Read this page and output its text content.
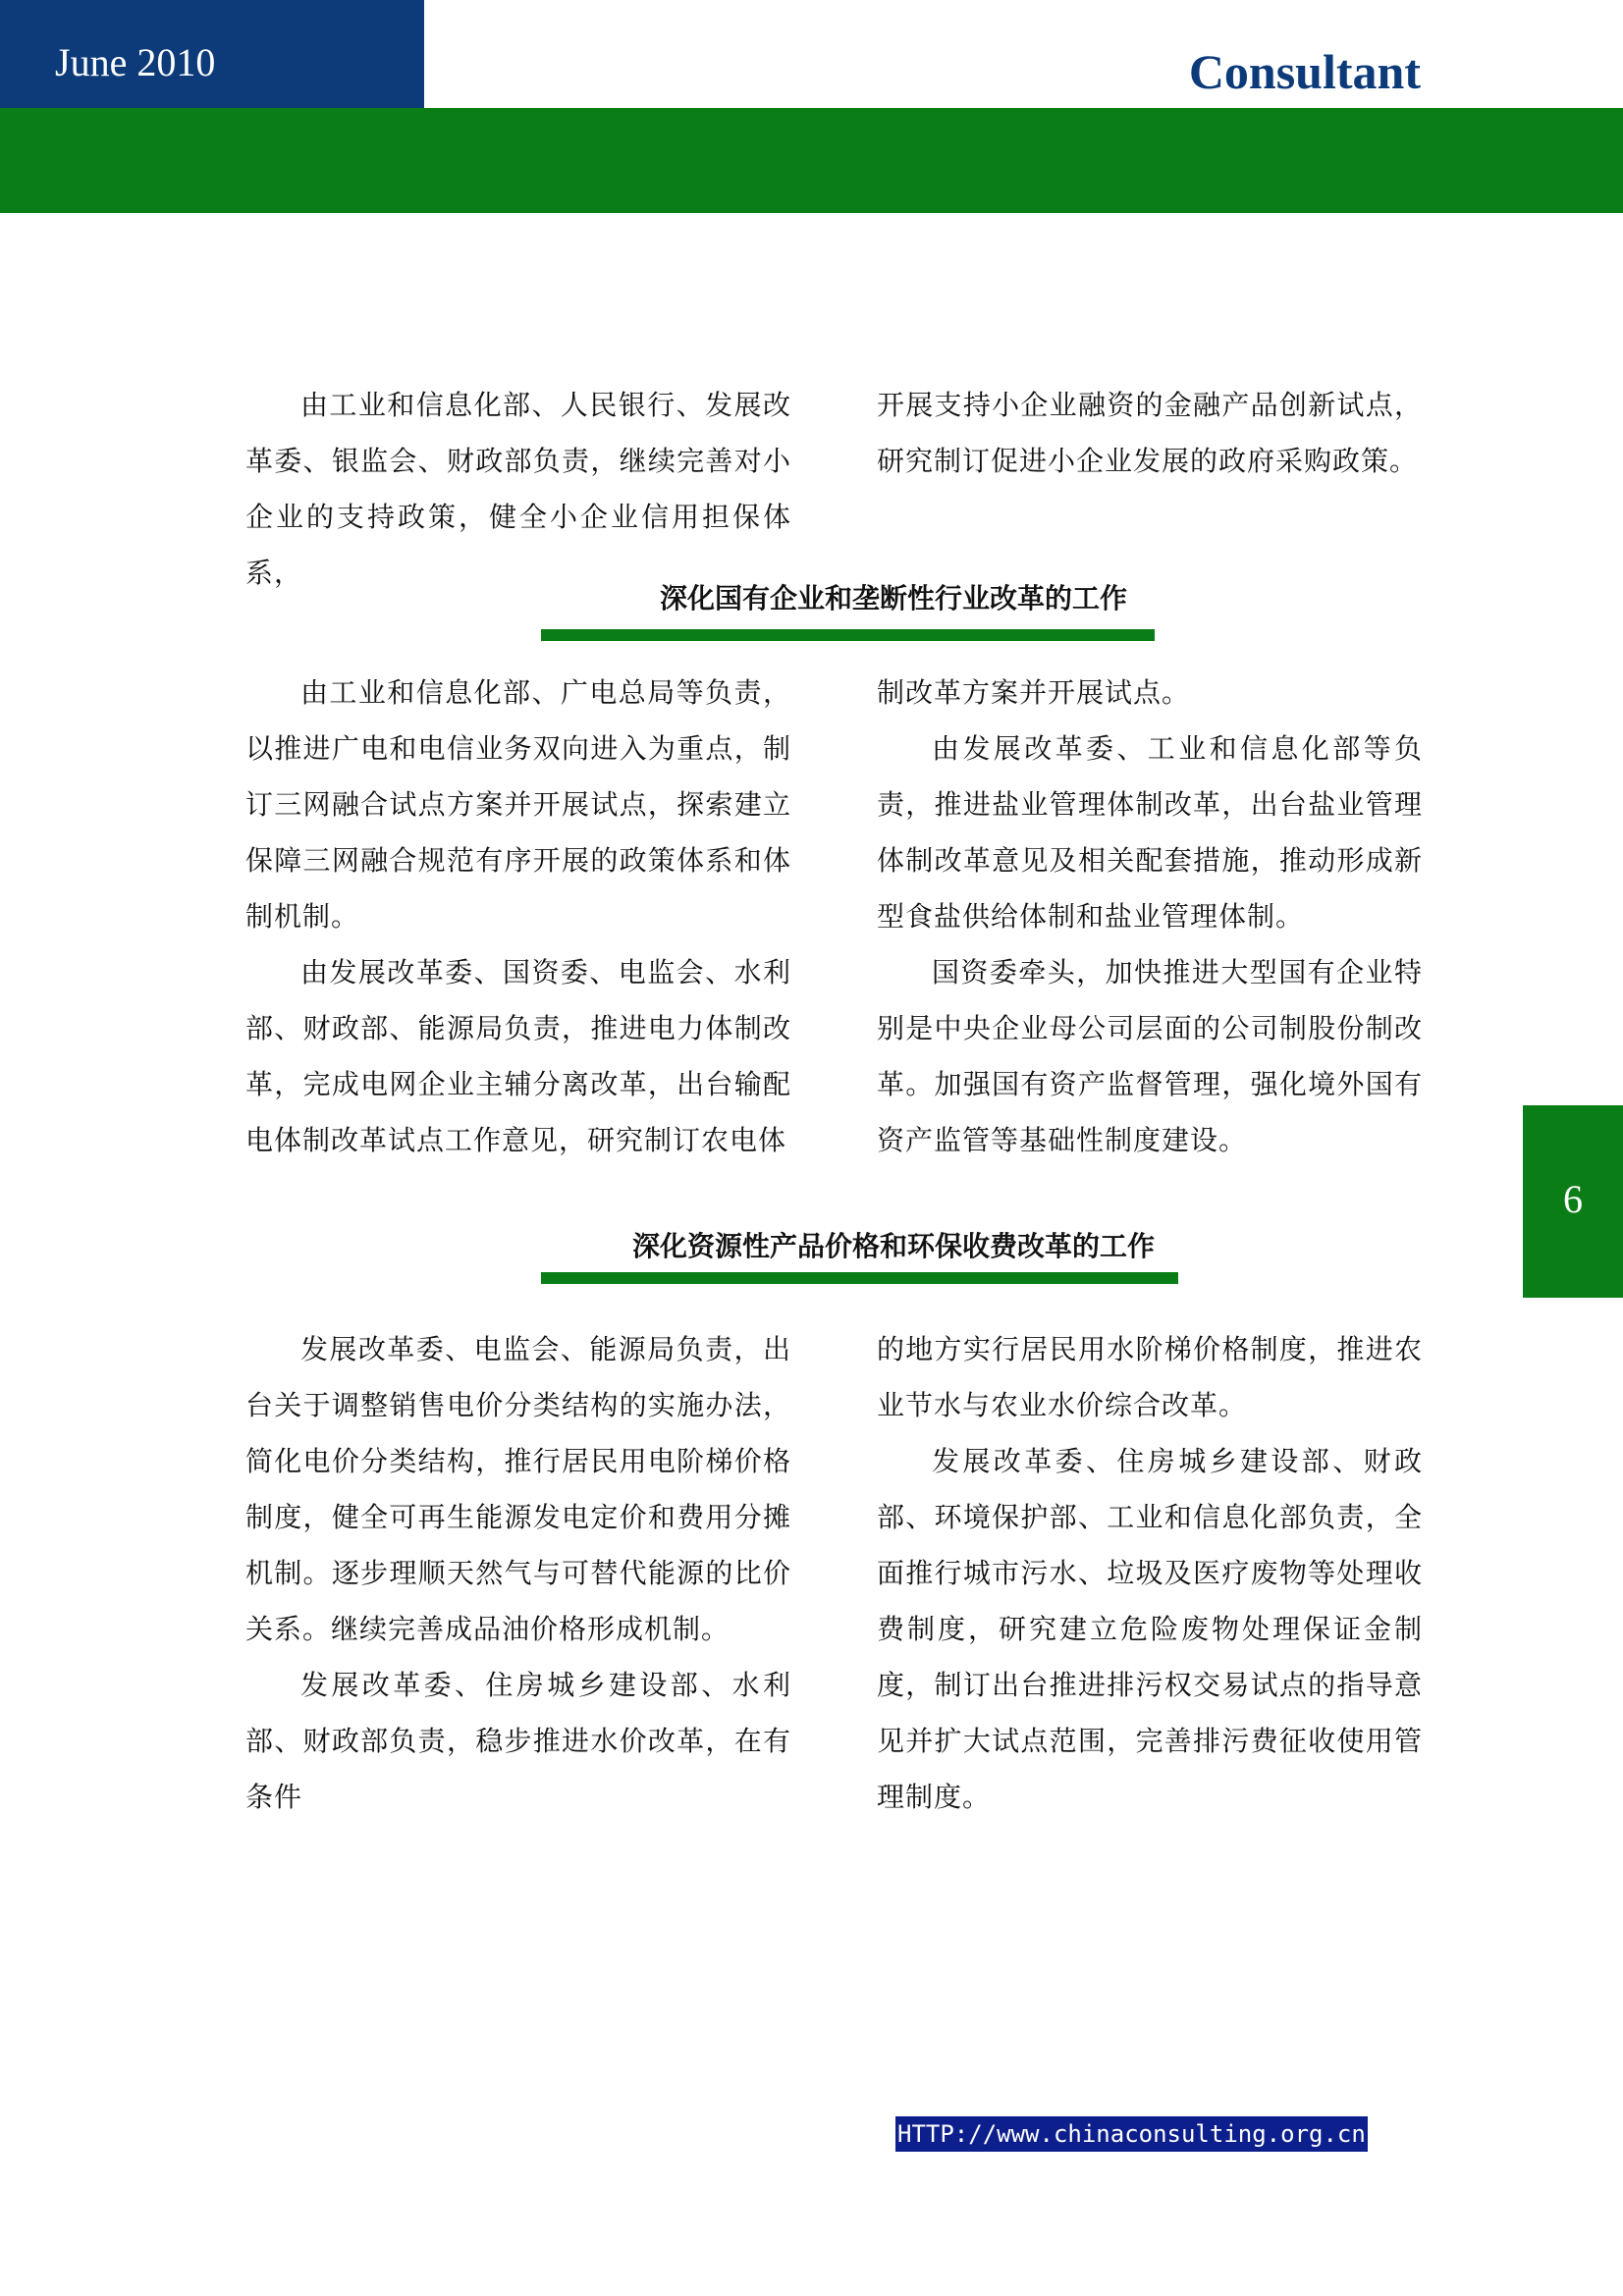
June 2010	Consultant

由工业和信息化部、人民银行、发展改革委、银监会、财政部负责，继续完善对小企业的支持政策，健全小企业信用担保体系，

开展支持小企业融资的金融产品创新试点，研究制订促进小企业发展的政府采购政策。

深化国有企业和垄断性行业改革的工作

由工业和信息化部、广电总局等负责，以推进广电和电信业务双向进入为重点，制订三网融合试点方案并开展试点，探索建立保障三网融合规范有序开展的政策体系和体制机制。

由发展改革委、国资委、电监会、水利部、财政部、能源局负责，推进电力体制改革，完成电网企业主辅分离改革，出台输配电体制改革试点工作意见，研究制订农电体

制改革方案并开展试点。

由发展改革委、工业和信息化部等负责，推进盐业管理体制改革，出台盐业管理体制改革意见及相关配套措施，推动形成新型食盐供给体制和盐业管理体制。

国资委牵头，加快推进大型国有企业特别是中央企业母公司层面的公司制股份制改革。加强国有资产监督管理，强化境外国有资产监管等基础性制度建设。

6
深化资源性产品价格和环保收费改革的工作

发展改革委、电监会、能源局负责，出台关于调整销售电价分类结构的实施办法，简化电价分类结构，推行居民用电阶梯价格制度，健全可再生能源发电定价和费用分摊机制。逐步理顺天然气与可替代能源的比价关系。继续完善成品油价格形成机制。

发展改革委、住房城乡建设部、水利部、财政部负责，稳步推进水价改革，在有条件

的地方实行居民用水阶梯价格制度，推进农业节水与农业水价综合改革。

发展改革委、住房城乡建设部、财政部、环境保护部、工业和信息化部负责，全面推行城市污水、垃圾及医疗废物等处理收费制度，研究建立危险废物处理保证金制度，制订出台推进排污权交易试点的指导意见并扩大试点范围，完善排污费征收使用管理制度。

HTTP://www.chinaconsulting.org.cn
